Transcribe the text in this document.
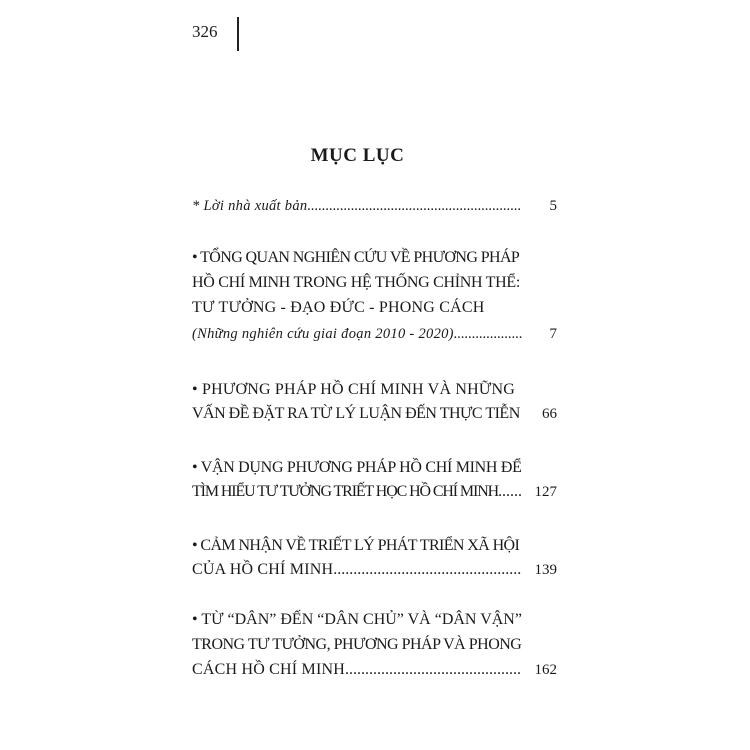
326
MỤC LỤC
* Lời nhà xuất bản .....	5
• TỔNG QUAN NGHIÊN CỨU VỀ PHƯƠNG PHÁP
HỒ CHÍ MINH TRONG HỆ THỐNG CHỈNH THỂ:
TƯ TƯỞNG - ĐẠO ĐỨC - PHONG CÁCH
(Những nghiên cứu giai đoạn 2010 - 2020) .....	7
• PHƯƠNG PHÁP HỒ CHÍ MINH VÀ NHỮNG
VẤN ĐỀ ĐẶT RA TỪ LÝ LUẬN ĐẾN THỰC TIỄN	66
• VẬN DỤNG PHƯƠNG PHÁP HỒ CHÍ MINH ĐỂ
TÌM HIỂU TƯ TƯỞNG TRIẾT HỌC HỒ CHÍ MINH .....	127
• CẢM NHẬN VỀ TRIẾT LÝ PHÁT TRIỂN XÃ HỘI
CỦA HỒ CHÍ MINH .....	139
• TỪ “DÂN” ĐẾN “DÂN CHỦ” VÀ “DÂN VẬN”
TRONG TƯ TƯỞNG, PHƯƠNG PHÁP VÀ PHONG
CÁCH HỒ CHÍ MINH .....	162
